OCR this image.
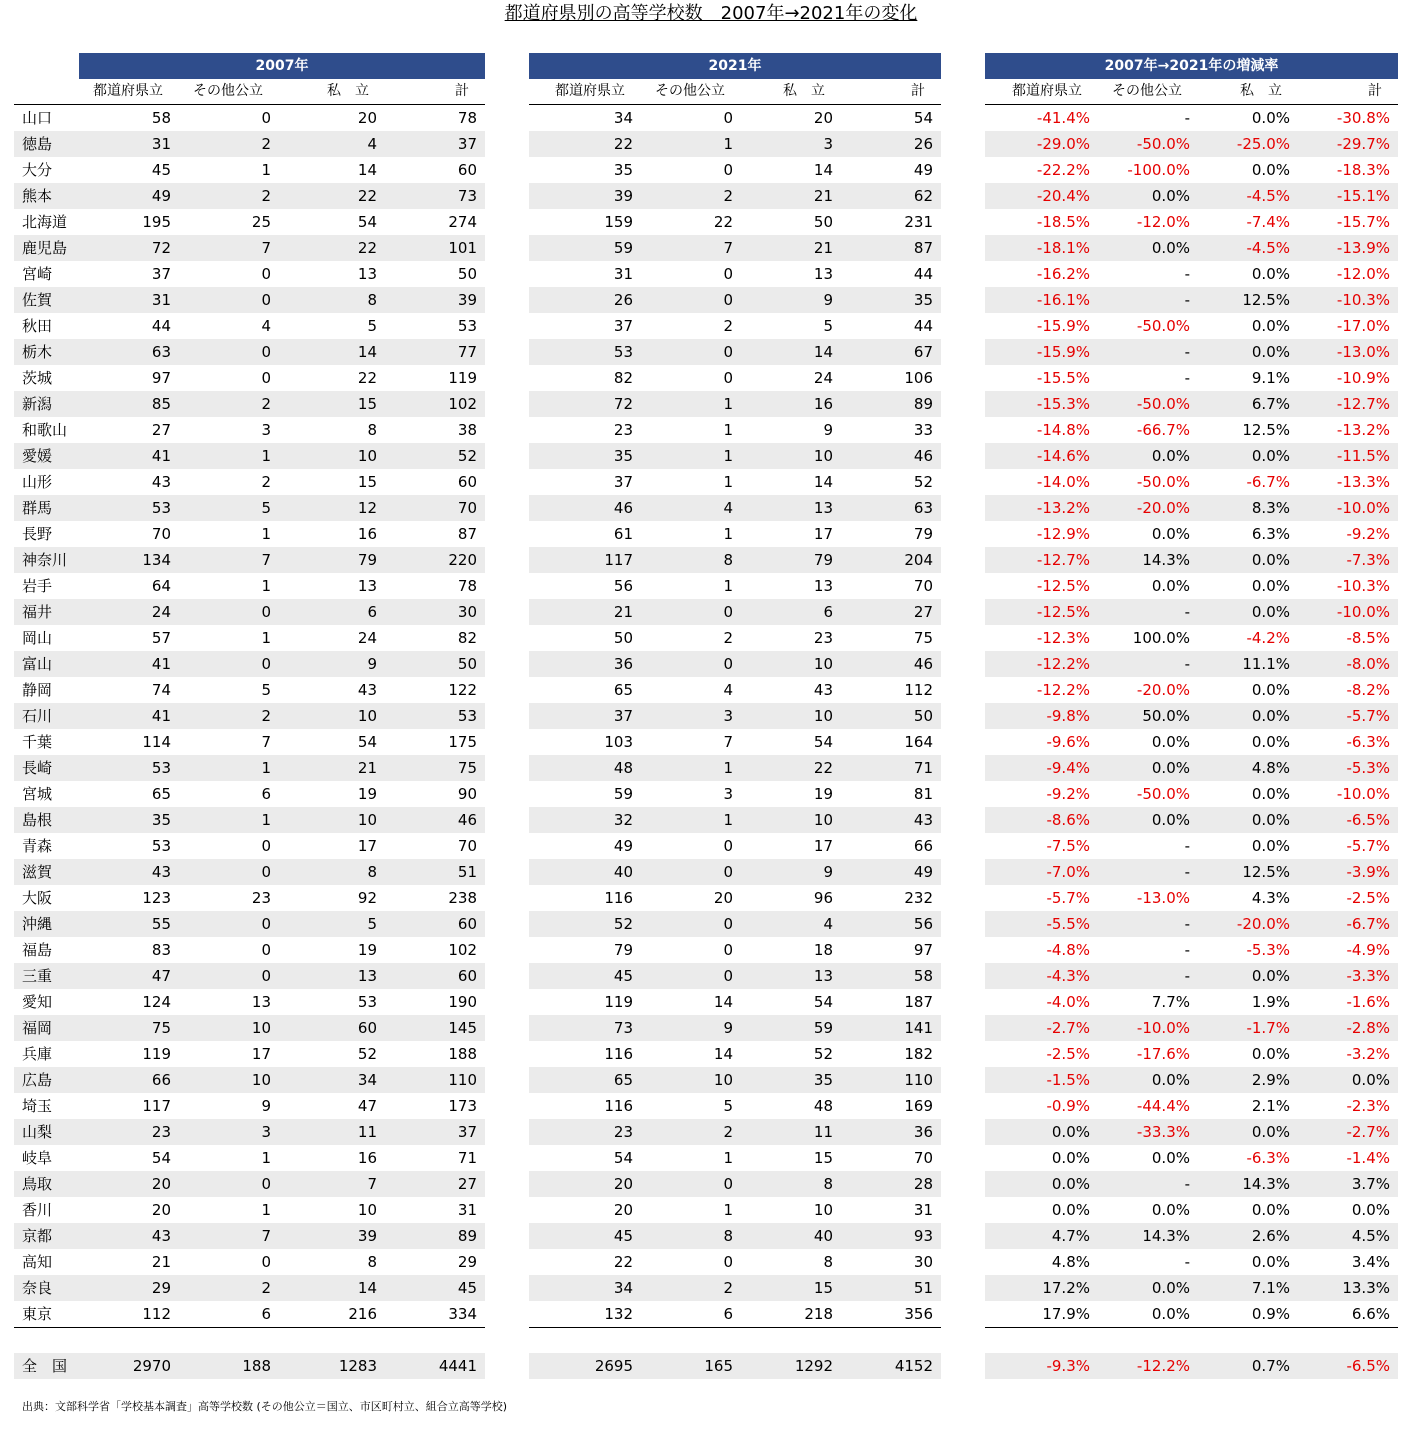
都道府県別の高等学校数　2007年→2021年の変化
2007年
	都道府県立	その他公立	私　立	計
山口	58	0	20	78
徳島	31	2	4	37
大分	45	1	14	60
熊本	49	2	22	73
北海道	195	25	54	274
鹿児島	72	7	22	101
宮崎	37	0	13	50
佐賀	31	0	8	39
秋田	44	4	5	53
栃木	63	0	14	77
茨城	97	0	22	119
新潟	85	2	15	102
和歌山	27	3	8	38
愛媛	41	1	10	52
山形	43	2	15	60
群馬	53	5	12	70
長野	70	1	16	87
神奈川	134	7	79	220
岩手	64	1	13	78
福井	24	0	6	30
岡山	57	1	24	82
富山	41	0	9	50
静岡	74	5	43	122
石川	41	2	10	53
千葉	114	7	54	175
長崎	53	1	21	75
宮城	65	6	19	90
島根	35	1	10	46
青森	53	0	17	70
滋賀	43	0	8	51
大阪	123	23	92	238
沖縄	55	0	5	60
福島	83	0	19	102
三重	47	0	13	60
愛知	124	13	53	190
福岡	75	10	60	145
兵庫	119	17	52	188
広島	66	10	34	110
埼玉	117	9	47	173
山梨	23	3	11	37
岐阜	54	1	16	71
鳥取	20	0	7	27
香川	20	1	10	31
京都	43	7	39	89
高知	21	0	8	29
奈良	29	2	14	45
東京	112	6	216	334

全　国	2970	188	1283	4441
2021年
都道府県立	その他公立	私　立	計
34	0	20	54
22	1	3	26
35	0	14	49
39	2	21	62
159	22	50	231
59	7	21	87
31	0	13	44
26	0	9	35
37	2	5	44
53	0	14	67
82	0	24	106
72	1	16	89
23	1	9	33
35	1	10	46
37	1	14	52
46	4	13	63
61	1	17	79
117	8	79	204
56	1	13	70
21	0	6	27
50	2	23	75
36	0	10	46
65	4	43	112
37	3	10	50
103	7	54	164
48	1	22	71
59	3	19	81
32	1	10	43
49	0	17	66
40	0	9	49
116	20	96	232
52	0	4	56
79	0	18	97
45	0	13	58
119	14	54	187
73	9	59	141
116	14	52	182
65	10	35	110
116	5	48	169
23	2	11	36
54	1	15	70
20	0	8	28
20	1	10	31
45	8	40	93
22	0	8	30
34	2	15	51
132	6	218	356

2695	165	1292	4152
2007年→2021年の増減率
都道府県立	その他公立	私　立	計
-41.4%	-	0.0%	-30.8%
-29.0%	-50.0%	-25.0%	-29.7%
-22.2%	-100.0%	0.0%	-18.3%
-20.4%	0.0%	-4.5%	-15.1%
-18.5%	-12.0%	-7.4%	-15.7%
-18.1%	0.0%	-4.5%	-13.9%
-16.2%	-	0.0%	-12.0%
-16.1%	-	12.5%	-10.3%
-15.9%	-50.0%	0.0%	-17.0%
-15.9%	-	0.0%	-13.0%
-15.5%	-	9.1%	-10.9%
-15.3%	-50.0%	6.7%	-12.7%
-14.8%	-66.7%	12.5%	-13.2%
-14.6%	0.0%	0.0%	-11.5%
-14.0%	-50.0%	-6.7%	-13.3%
-13.2%	-20.0%	8.3%	-10.0%
-12.9%	0.0%	6.3%	-9.2%
-12.7%	14.3%	0.0%	-7.3%
-12.5%	0.0%	0.0%	-10.3%
-12.5%	-	0.0%	-10.0%
-12.3%	100.0%	-4.2%	-8.5%
-12.2%	-	11.1%	-8.0%
-12.2%	-20.0%	0.0%	-8.2%
-9.8%	50.0%	0.0%	-5.7%
-9.6%	0.0%	0.0%	-6.3%
-9.4%	0.0%	4.8%	-5.3%
-9.2%	-50.0%	0.0%	-10.0%
-8.6%	0.0%	0.0%	-6.5%
-7.5%	-	0.0%	-5.7%
-7.0%	-	12.5%	-3.9%
-5.7%	-13.0%	4.3%	-2.5%
-5.5%	-	-20.0%	-6.7%
-4.8%	-	-5.3%	-4.9%
-4.3%	-	0.0%	-3.3%
-4.0%	7.7%	1.9%	-1.6%
-2.7%	-10.0%	-1.7%	-2.8%
-2.5%	-17.6%	0.0%	-3.2%
-1.5%	0.0%	2.9%	0.0%
-0.9%	-44.4%	2.1%	-2.3%
0.0%	-33.3%	0.0%	-2.7%
0.0%	0.0%	-6.3%	-1.4%
0.0%	-	14.3%	3.7%
0.0%	0.0%	0.0%	0.0%
4.7%	14.3%	2.6%	4.5%
4.8%	-	0.0%	3.4%
17.2%	0.0%	7.1%	13.3%
17.9%	0.0%	0.9%	6.6%

-9.3%	-12.2%	0.7%	-6.5%
出典：文部科学省「学校基本調査」高等学校数 (その他公立＝国立、市区町村立、組合立高等学校)
